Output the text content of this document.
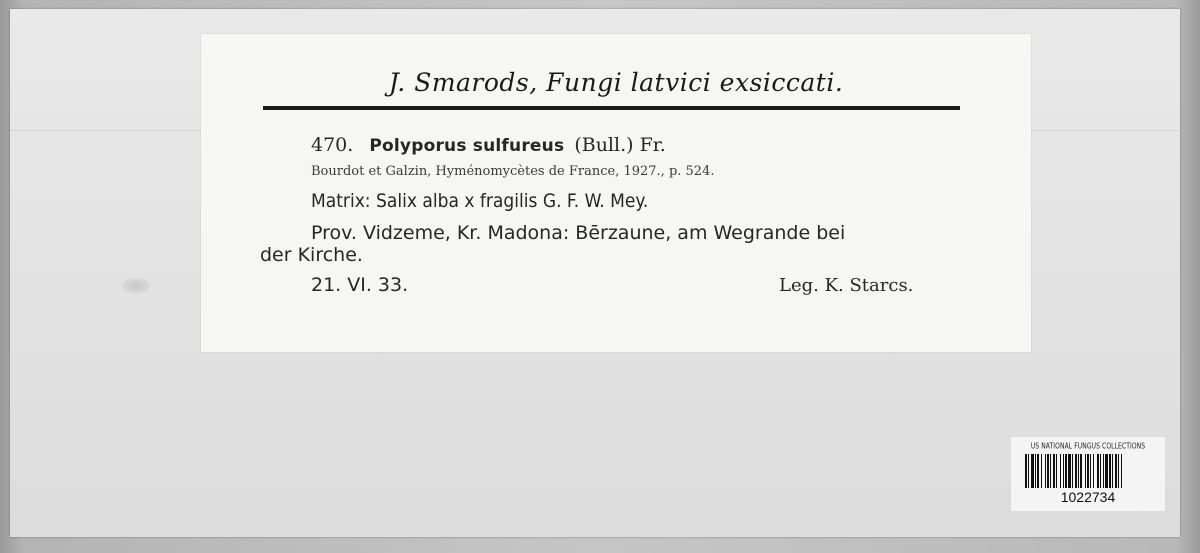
J. Smarods, Fungi latvici exsiccati.
470. Polyporus sulfureus (Bull.) Fr.
Bourdot et Galzin, Hyménomycètes de France, 1927., p. 524.
Matrix: Salix alba x fragilis G. F. W. Mey.
Prov. Vidzeme, Kr. Madona: Bērzaune, am Wegrande bei
der Kirche.
21. VI. 33.	Leg. K. Starcs.
US NATIONAL FUNGUS COLLECTIONS
1022734
